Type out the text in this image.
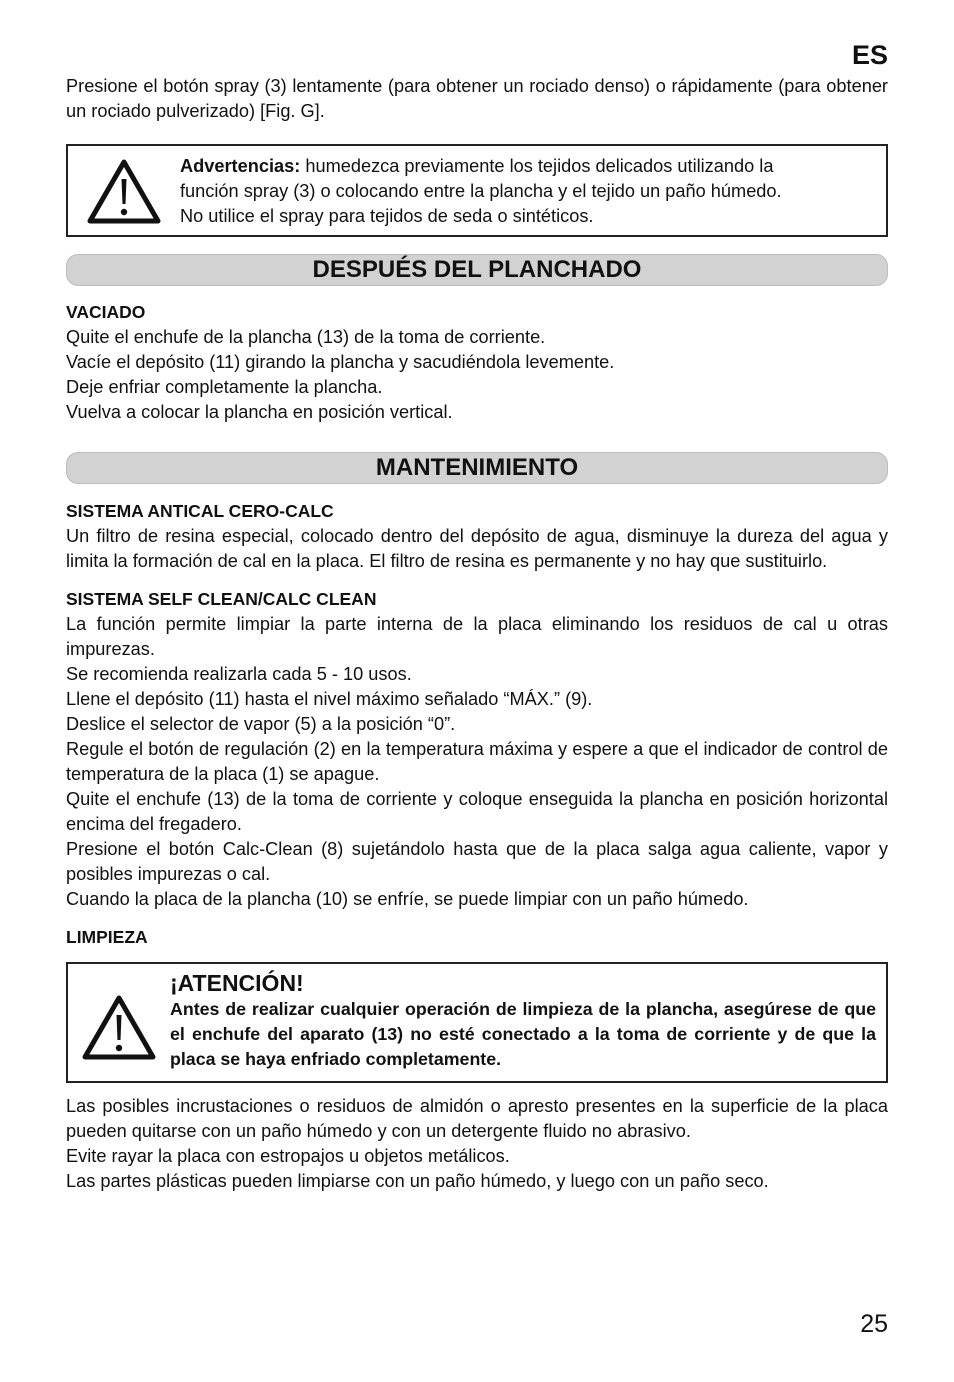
ES

Presione el botón spray (3) lentamente (para obtener un rociado denso) o rápidamente (para obtener un rociado pulverizado) [Fig. G].

Advertencias: humedezca previamente los tejidos delicados utilizando la
función spray (3) o colocando entre la plancha y el tejido un paño húmedo.
No utilice el spray para tejidos de seda o sintéticos.
DESPUÉS DEL PLANCHADO

VACIADO

Quite el enchufe de la plancha (13) de la toma de corriente.

Vacíe el depósito (11) girando la plancha y sacudiéndola levemente.

Deje enfriar completamente la plancha.

Vuelva a colocar la plancha en posición vertical.

MANTENIMIENTO

SISTEMA ANTICAL CERO-CALC

Un filtro de resina especial, colocado dentro del depósito de agua, disminuye la dureza del agua y limita la formación de cal en la placa. El filtro de resina es permanente y no hay que sustituirlo.

SISTEMA SELF CLEAN/CALC CLEAN

La función permite limpiar la parte interna de la placa eliminando los residuos de cal u otras impurezas.

Se recomienda realizarla cada 5 - 10 usos.

Llene el depósito (11) hasta el nivel máximo señalado “MÁX.” (9).

Deslice el selector de vapor (5) a la posición “0”.

Regule el botón de regulación (2) en la temperatura máxima y espere a que el indicador de control de temperatura de la placa (1) se apague.

Quite el enchufe (13) de la toma de corriente y coloque enseguida la plancha en posición horizontal encima del fregadero.

Presione el botón Calc-Clean (8) sujetándolo hasta que de la placa salga agua caliente, vapor y posibles impurezas o cal.

Cuando la placa de la plancha (10) se enfríe, se puede limpiar con un paño húmedo.

LIMPIEZA

¡ATENCIÓN!
Antes de realizar cualquier operación de limpieza de la plancha, asegúrese de que el enchufe del aparato (13) no esté conectado a la toma de corriente y de que la placa se haya enfriado completamente.

Las posibles incrustaciones o residuos de almidón o apresto presentes en la superficie de la placa pueden quitarse con un paño húmedo y con un detergente fluido no abrasivo.

Evite rayar la placa con estropajos u objetos metálicos.

Las partes plásticas pueden limpiarse con un paño húmedo, y luego con un paño seco.

25
